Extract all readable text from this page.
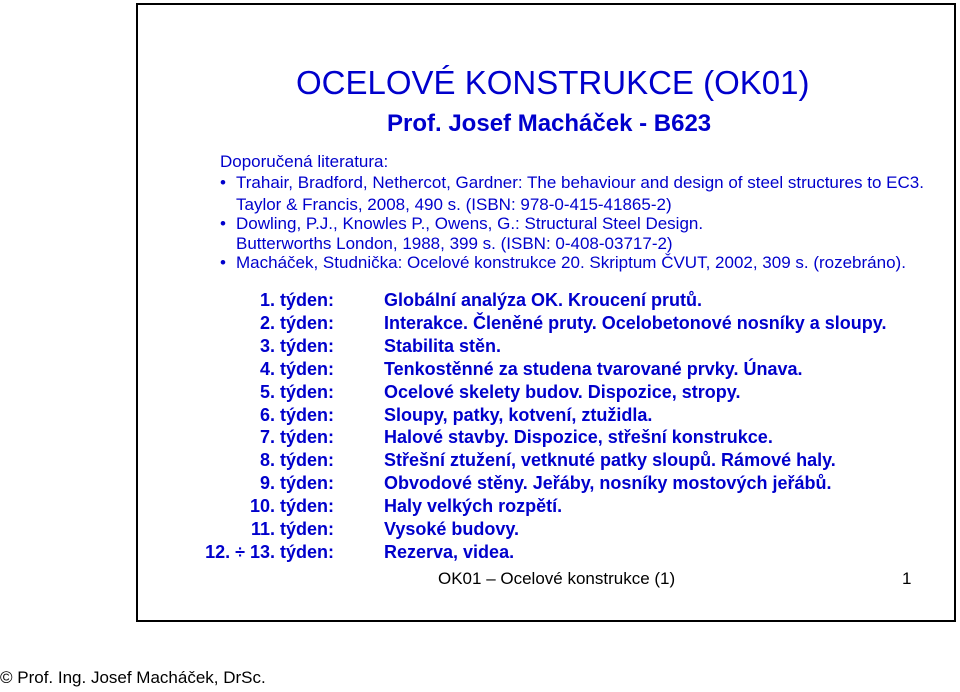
OCELOVÉ KONSTRUKCE (OK01)
Prof. Josef Macháček - B623
Doporučená literatura:
• Trahair, Bradford, Nethercot, Gardner: The behaviour and design of steel structures to EC3.
Taylor & Francis, 2008, 490 s. (ISBN: 978-0-415-41865-2)
• Dowling, P.J., Knowles P., Owens, G.: Structural Steel Design.
Butterworths London, 1988, 399 s. (ISBN: 0-408-03717-2)
• Macháček, Studnička: Ocelové konstrukce 20. Skriptum ČVUT, 2002, 309 s. (rozebráno).
1. týden:	Globální analýza OK. Kroucení prutů.
2. týden:	Interakce. Členěné pruty. Ocelobetonové nosníky a sloupy.
3. týden:	Stabilita stěn.
4. týden:	Tenkostěnné za studena tvarované prvky. Únava.
5. týden:	Ocelové skelety budov. Dispozice, stropy.
6. týden:	Sloupy, patky, kotvení, ztužidla.
7. týden:	Halové stavby. Dispozice, střešní konstrukce.
8. týden:	Střešní ztužení, vetknuté patky sloupů. Rámové haly.
9. týden:	Obvodové stěny. Jeřáby, nosníky mostových jeřábů.
10. týden:	Haly velkých rozpětí.
11. týden:	Vysoké budovy.
12. ÷ 13. týden:	Rezerva, videa.
OK01 – Ocelové konstrukce (1)	1
© Prof. Ing. Josef Macháček, DrSc.
